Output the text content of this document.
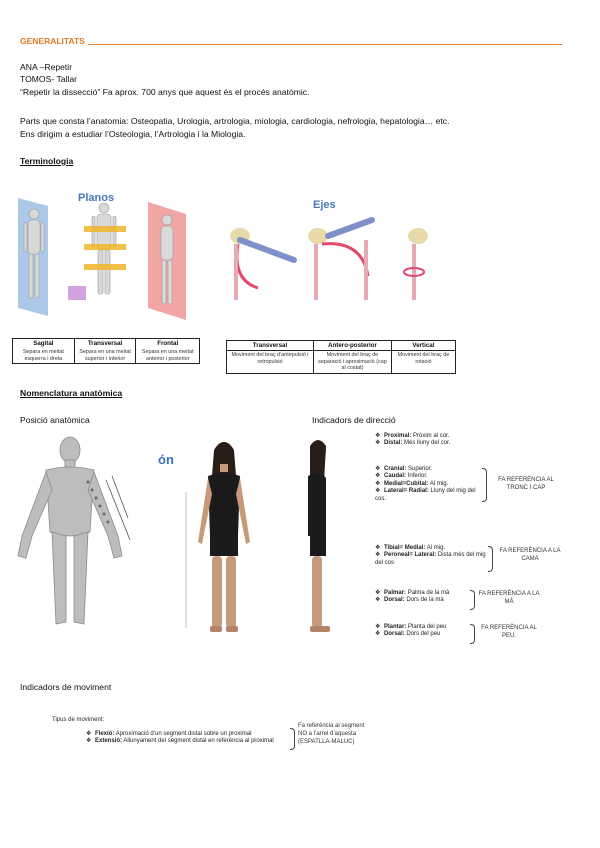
GENERALITATS
ANA –Repetir
TOMOS- Tallar
“Repetir la dissecció” Fa aprox. 700 anys que aquest és el procés anatòmic.
Parts que consta l’anatomia: Osteopatia, Urologia, artrologia, miologia, cardiologia, nefrologia, hepatologia… etc.
Ens dirigim a estudiar l’Osteologia, l’Artrologia i la Miologia.
Terminologia
Planos
Ejes
Sagital	Transversal	Frontal
Separa en meitat esquerra i dreta	Separa en una meitat superior i inferior	Separa en una meitat anterior i posterior
Transversal	Antero-posterior	Vertical
Moviment del braç d’antepulsió i retropulsió	Moviment del braç de separació i aproximació (cap al costat)	Moviment del braç de rotació
Nomenclatura anatòmica
Posició anatòmica	Indicadors de direcció
ón
❖ Proximal: Pròxim al cor.
❖ Distal: Més lluny del cor.
❖ Cranial: Superior.
❖ Caudal: Inferior.
❖ Medial=Cubital: Al mig.
❖ Lateral= Radial: Lluny del mig del cos.
FA REFERÈNCIA AL TRONC I CAP
❖ Tibial= Medial: Al mig.
❖ Peroneal= Lateral: Dista més del mig del cos
FA REFERÈNCIA A LA CAMA
❖ Palmar: Palma de la mà
❖ Dorsal: Dors de la mà
FA REFERÈNCIA A LA MÀ
❖ Plantar: Planta del peu
❖ Dorsal: Dors del peu
FA REFERÈNCIA AL PEU.
Indicadors de moviment
Tipus de moviment:
❖ Flexió: Aproximació d’un segment distal sobre un proximal
❖ Extensió: Allunyament del segment distal en referència al proximal
Fa referència al segment
NO a l’arrel d’aquesta
(ESPATLLA-MALUC)
